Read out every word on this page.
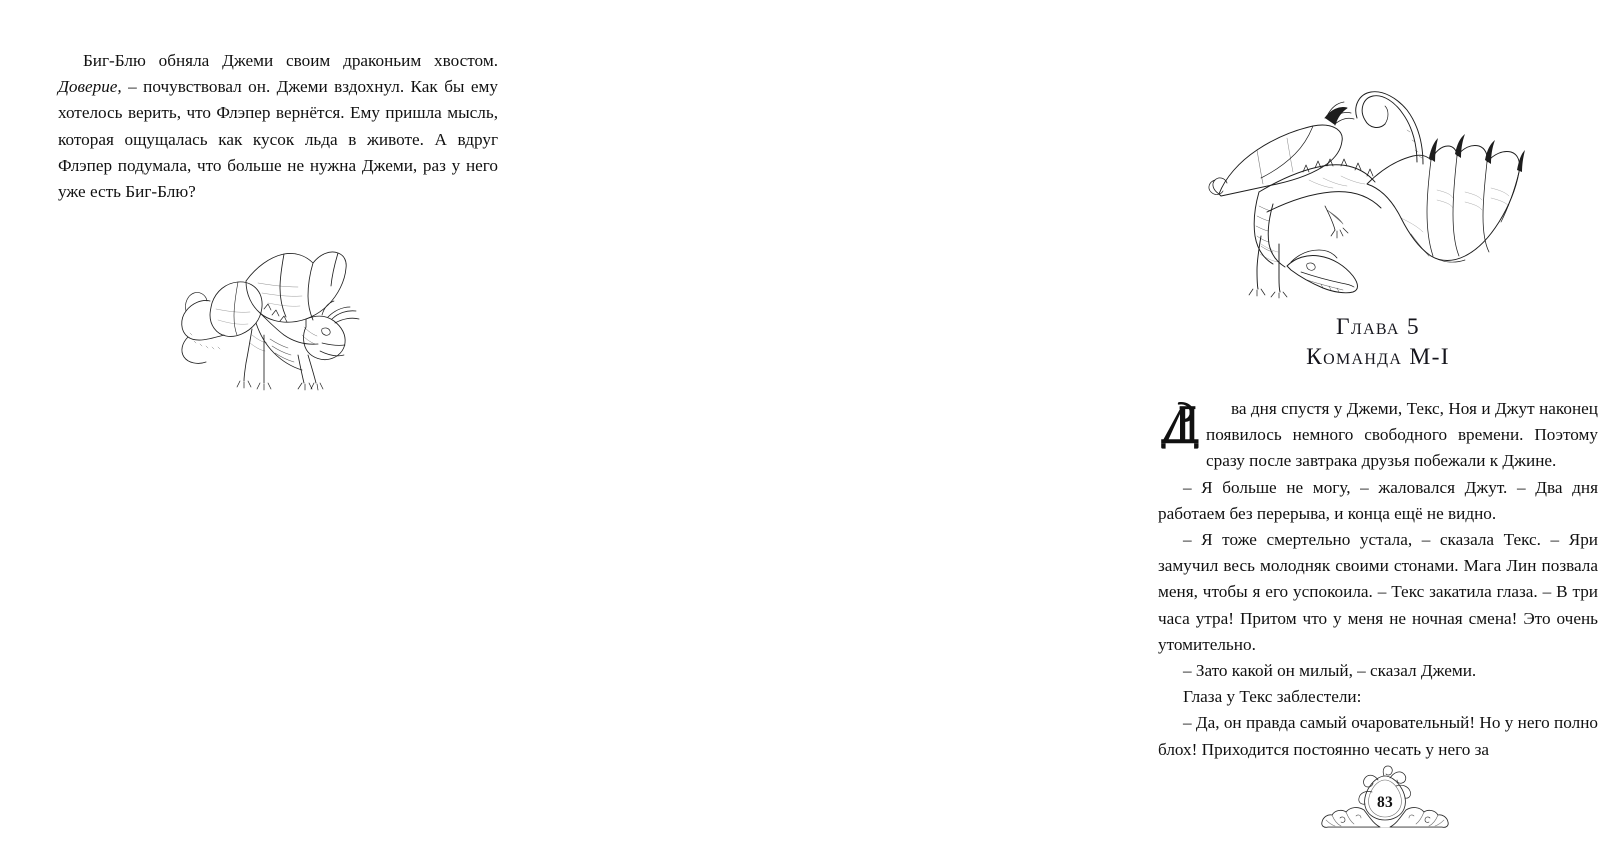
Биг-Блю обняла Джеми своим драконьим хвостом. Доверие, – почувствовал он. Джеми вздохнул. Как бы ему хотелось верить, что Флэпер вернётся. Ему пришла мысль, которая ощущалась как кусок льда в животе. А вдруг Флэпер подумала, что больше не нужна Джеми, раз у него уже есть Биг-Блю?

Глава 5
Команда М-I

ва дня спустя у Джеми, Текс, Ноя и Джут наконец появилось немного свободного времени. Поэтому сразу после завтрака друзья побежали к Джине.

– Я больше не могу, – жаловался Джут. – Два дня работаем без перерыва, и конца ещё не видно.

– Я тоже смертельно устала, – сказала Текс. – Яри замучил весь молодняк своими стонами. Мага Лин позвала меня, чтобы я его успокоила. – Текс закатила глаза. – В три часа утра! Притом что у меня не ночная смена! Это очень утомительно.

– Зато какой он милый, – сказал Джеми.

Глаза у Текс заблестели:

– Да, он правда самый очаровательный! Но у него полно блох! Приходится постоянно чесать у него за

83
